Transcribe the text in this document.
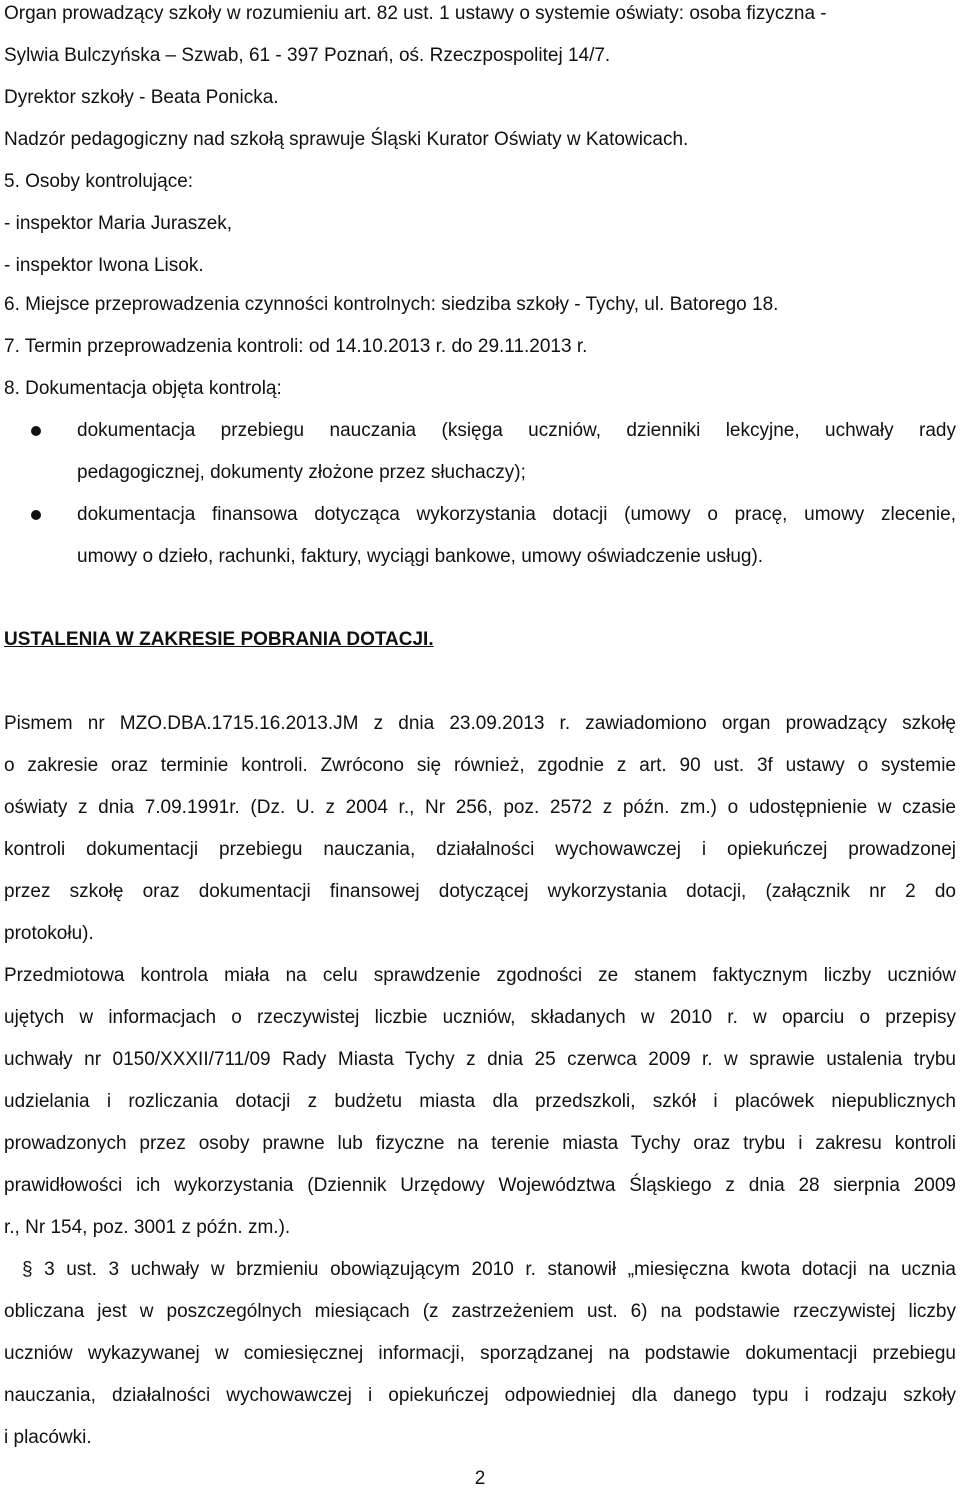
Organ prowadzący szkoły w rozumieniu art. 82 ust. 1 ustawy o systemie oświaty: osoba fizyczna -
Sylwia Bulczyńska – Szwab, 61 - 397 Poznań, oś. Rzeczpospolitej 14/7.
Dyrektor szkoły - Beata Ponicka.
Nadzór pedagogiczny nad szkołą sprawuje Śląski Kurator Oświaty w Katowicach.
5. Osoby kontrolujące:
- inspektor Maria Juraszek,
- inspektor Iwona Lisok.
6. Miejsce przeprowadzenia czynności kontrolnych: siedziba szkoły - Tychy, ul. Batorego 18.
7. Termin przeprowadzenia kontroli: od 14.10.2013 r. do 29.11.2013 r.
8. Dokumentacja objęta kontrolą:
dokumentacja przebiegu nauczania (księga uczniów, dzienniki lekcyjne, uchwały rady
pedagogicznej, dokumenty złożone przez słuchaczy);
dokumentacja finansowa dotycząca wykorzystania dotacji (umowy o pracę, umowy zlecenie,
umowy o dzieło, rachunki, faktury, wyciągi bankowe, umowy oświadczenie usług).
USTALENIA W ZAKRESIE POBRANIA DOTACJI.
Pismem nr MZO.DBA.1715.16.2013.JM z dnia 23.09.2013 r. zawiadomiono organ prowadzący szkołę
o zakresie oraz terminie kontroli. Zwrócono się również, zgodnie z art. 90 ust. 3f ustawy o systemie
oświaty z dnia 7.09.1991r. (Dz. U. z 2004 r., Nr 256, poz. 2572 z późn. zm.) o udostępnienie w czasie
kontroli dokumentacji przebiegu nauczania, działalności wychowawczej i opiekuńczej prowadzonej
przez szkołę oraz dokumentacji finansowej dotyczącej wykorzystania dotacji, (załącznik nr 2 do
protokołu).
Przedmiotowa kontrola miała na celu sprawdzenie zgodności ze stanem faktycznym liczby uczniów
ujętych w informacjach o rzeczywistej liczbie uczniów, składanych w 2010 r. w oparciu o przepisy
uchwały nr 0150/XXXII/711/09 Rady Miasta Tychy z dnia 25 czerwca 2009 r. w sprawie ustalenia trybu
udzielania i rozliczania dotacji z budżetu miasta dla przedszkoli, szkół i placówek niepublicznych
prowadzonych przez osoby prawne lub fizyczne na terenie miasta Tychy oraz trybu i zakresu kontroli
prawidłowości ich wykorzystania (Dziennik Urzędowy Województwa Śląskiego z dnia 28 sierpnia 2009
r., Nr 154, poz. 3001 z późn. zm.).
§ 3 ust. 3 uchwały w brzmieniu obowiązującym 2010 r. stanowił „miesięczna kwota dotacji na ucznia
obliczana jest w poszczególnych miesiącach (z zastrzeżeniem ust. 6) na podstawie rzeczywistej liczby
uczniów wykazywanej w comiesięcznej informacji, sporządzanej na podstawie dokumentacji przebiegu
nauczania, działalności wychowawczej i opiekuńczej odpowiedniej dla danego typu i rodzaju szkoły
i placówki.
2
